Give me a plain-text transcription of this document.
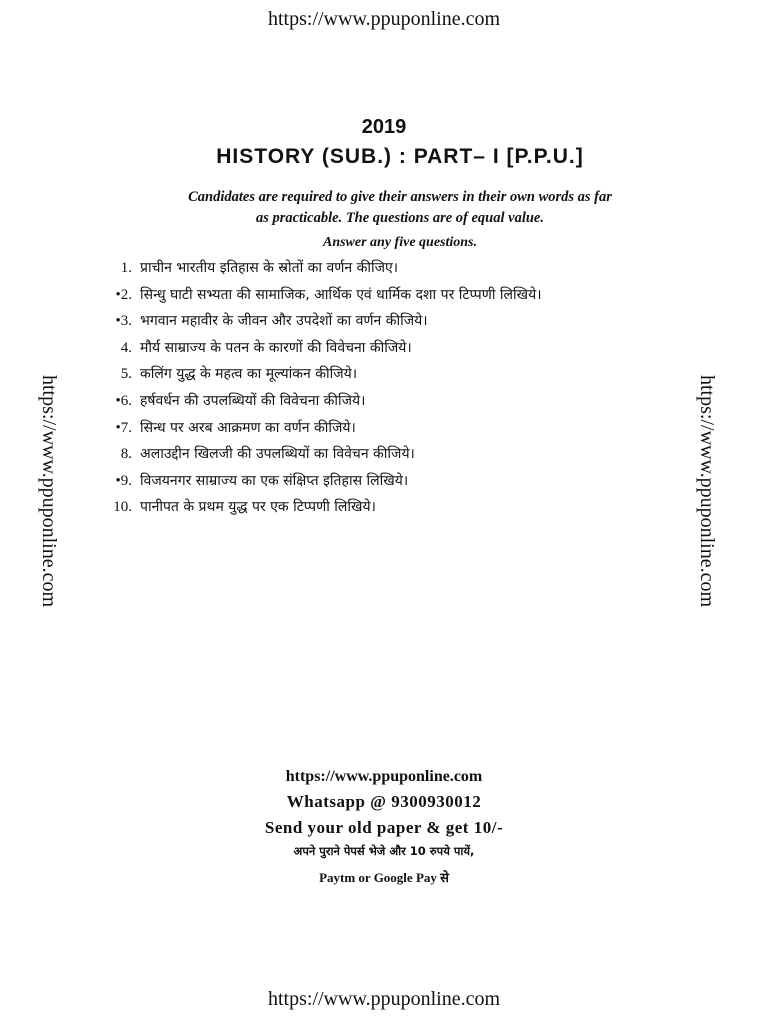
https://www.ppuponline.com
https://www.ppuponline.com	https://www.ppuponline.com
2019
HISTORY (SUB.) : PART– I [P.P.U.]
Candidates are required to give their answers in their own words as far
as practicable. The questions are of equal value.
Answer any five questions.
1. प्राचीन भारतीय इतिहास के स्रोतों का वर्णन कीजिए।
•2. सिन्धु घाटी सभ्यता की सामाजिक, आर्थिक एवं धार्मिक दशा पर टिप्पणी लिखिये।
•3. भगवान महावीर के जीवन और उपदेशों का वर्णन कीजिये।
4. मौर्य साम्राज्य के पतन के कारणों की विवेचना कीजिये।
5. कलिंग युद्ध के महत्व का मूल्यांकन कीजिये।
•6. हर्षवर्धन की उपलब्धियों की विवेचना कीजिये।
•7. सिन्ध पर अरब आक्रमण का वर्णन कीजिये।
8. अलाउद्दीन खिलजी की उपलब्धियों का विवेचन कीजिये।
•9. विजयनगर साम्राज्य का एक संक्षिप्त इतिहास लिखिये।
10. पानीपत के प्रथम युद्ध पर एक टिप्पणी लिखिये।
https://www.ppuponline.com
Whatsapp @ 9300930012
Send your old paper & get 10/-
अपने पुराने पेपर्स भेजे और 10 रुपये पायें,
Paytm or Google Pay से
https://www.ppuponline.com
